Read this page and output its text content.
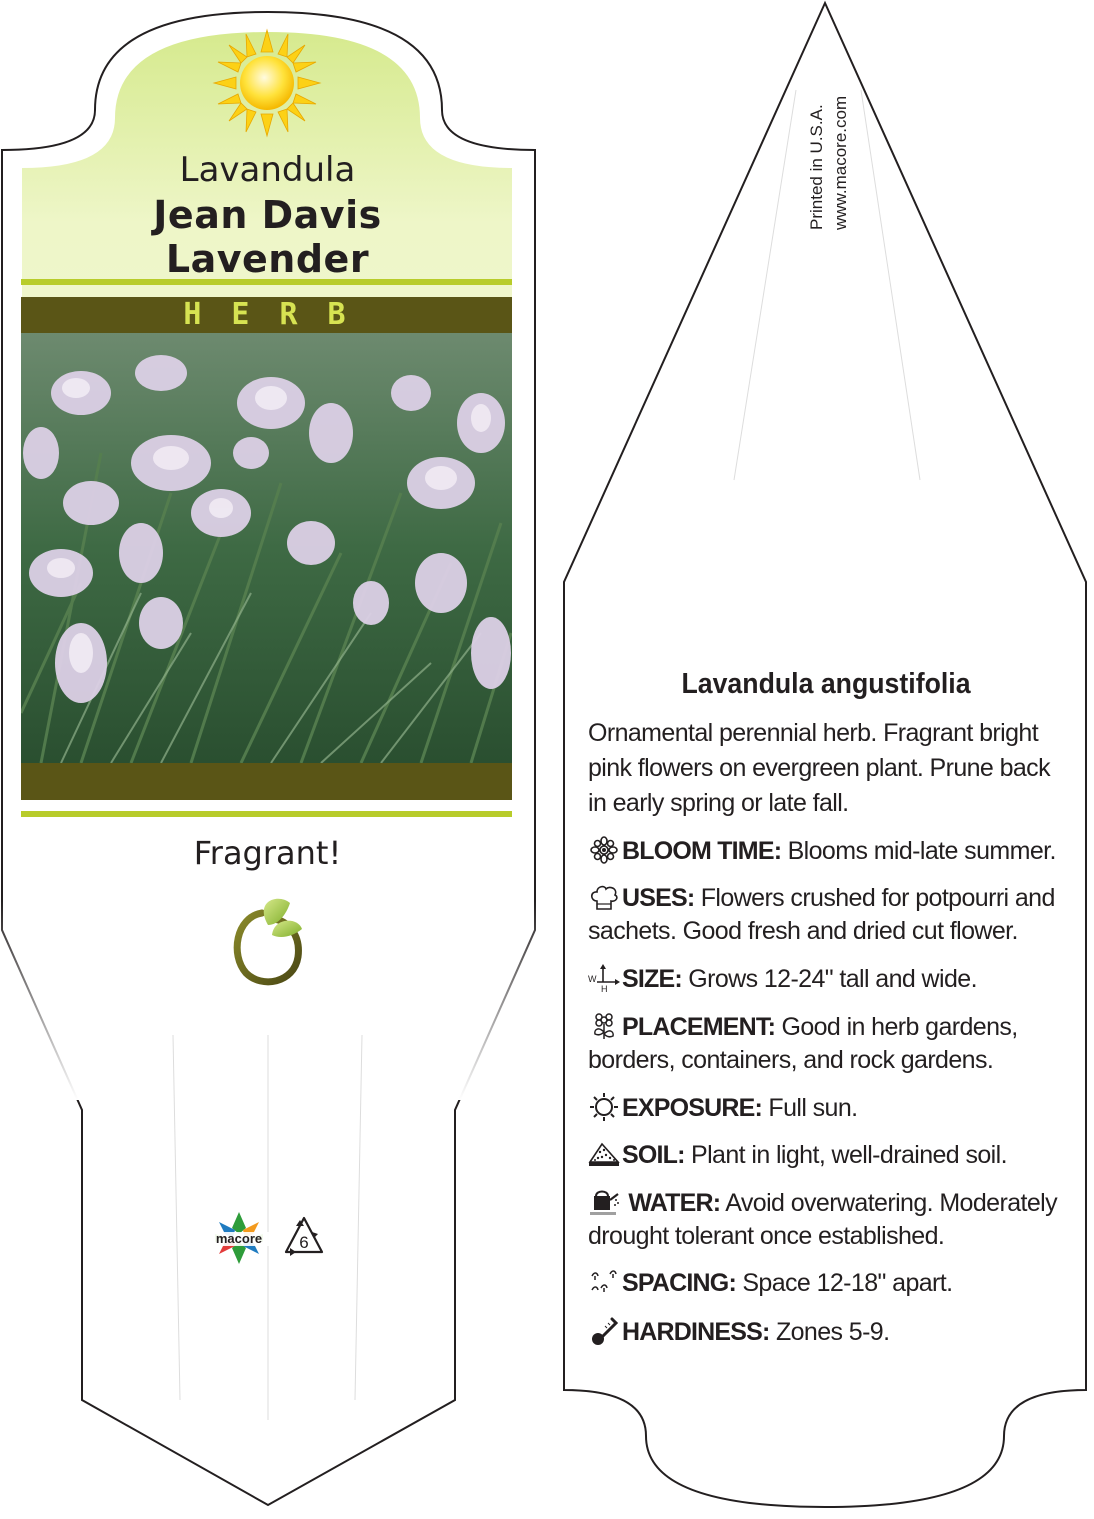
Lavandula
Jean Davis
Lavender
HERB
Fragrant!
macore 6
Printed in U.S.A. www.macore.com
Lavandula angustifolia
Ornamental perennial herb. Fragrant bright pink flowers on evergreen plant. Prune back in early spring or late fall.
BLOOM TIME: Blooms mid-late summer.
USES: Flowers crushed for potpourri and sachets. Good fresh and dried cut flower.
W
H SIZE: Grows 12-24" tall and wide.
PLACEMENT: Good in herb gardens, borders, containers, and rock gardens.
EXPOSURE: Full sun.
SOIL: Plant in light, well-drained soil.
WATER: Avoid overwatering. Moderately drought tolerant once established.
SPACING: Space 12-18" apart.
HARDINESS: Zones 5-9.
